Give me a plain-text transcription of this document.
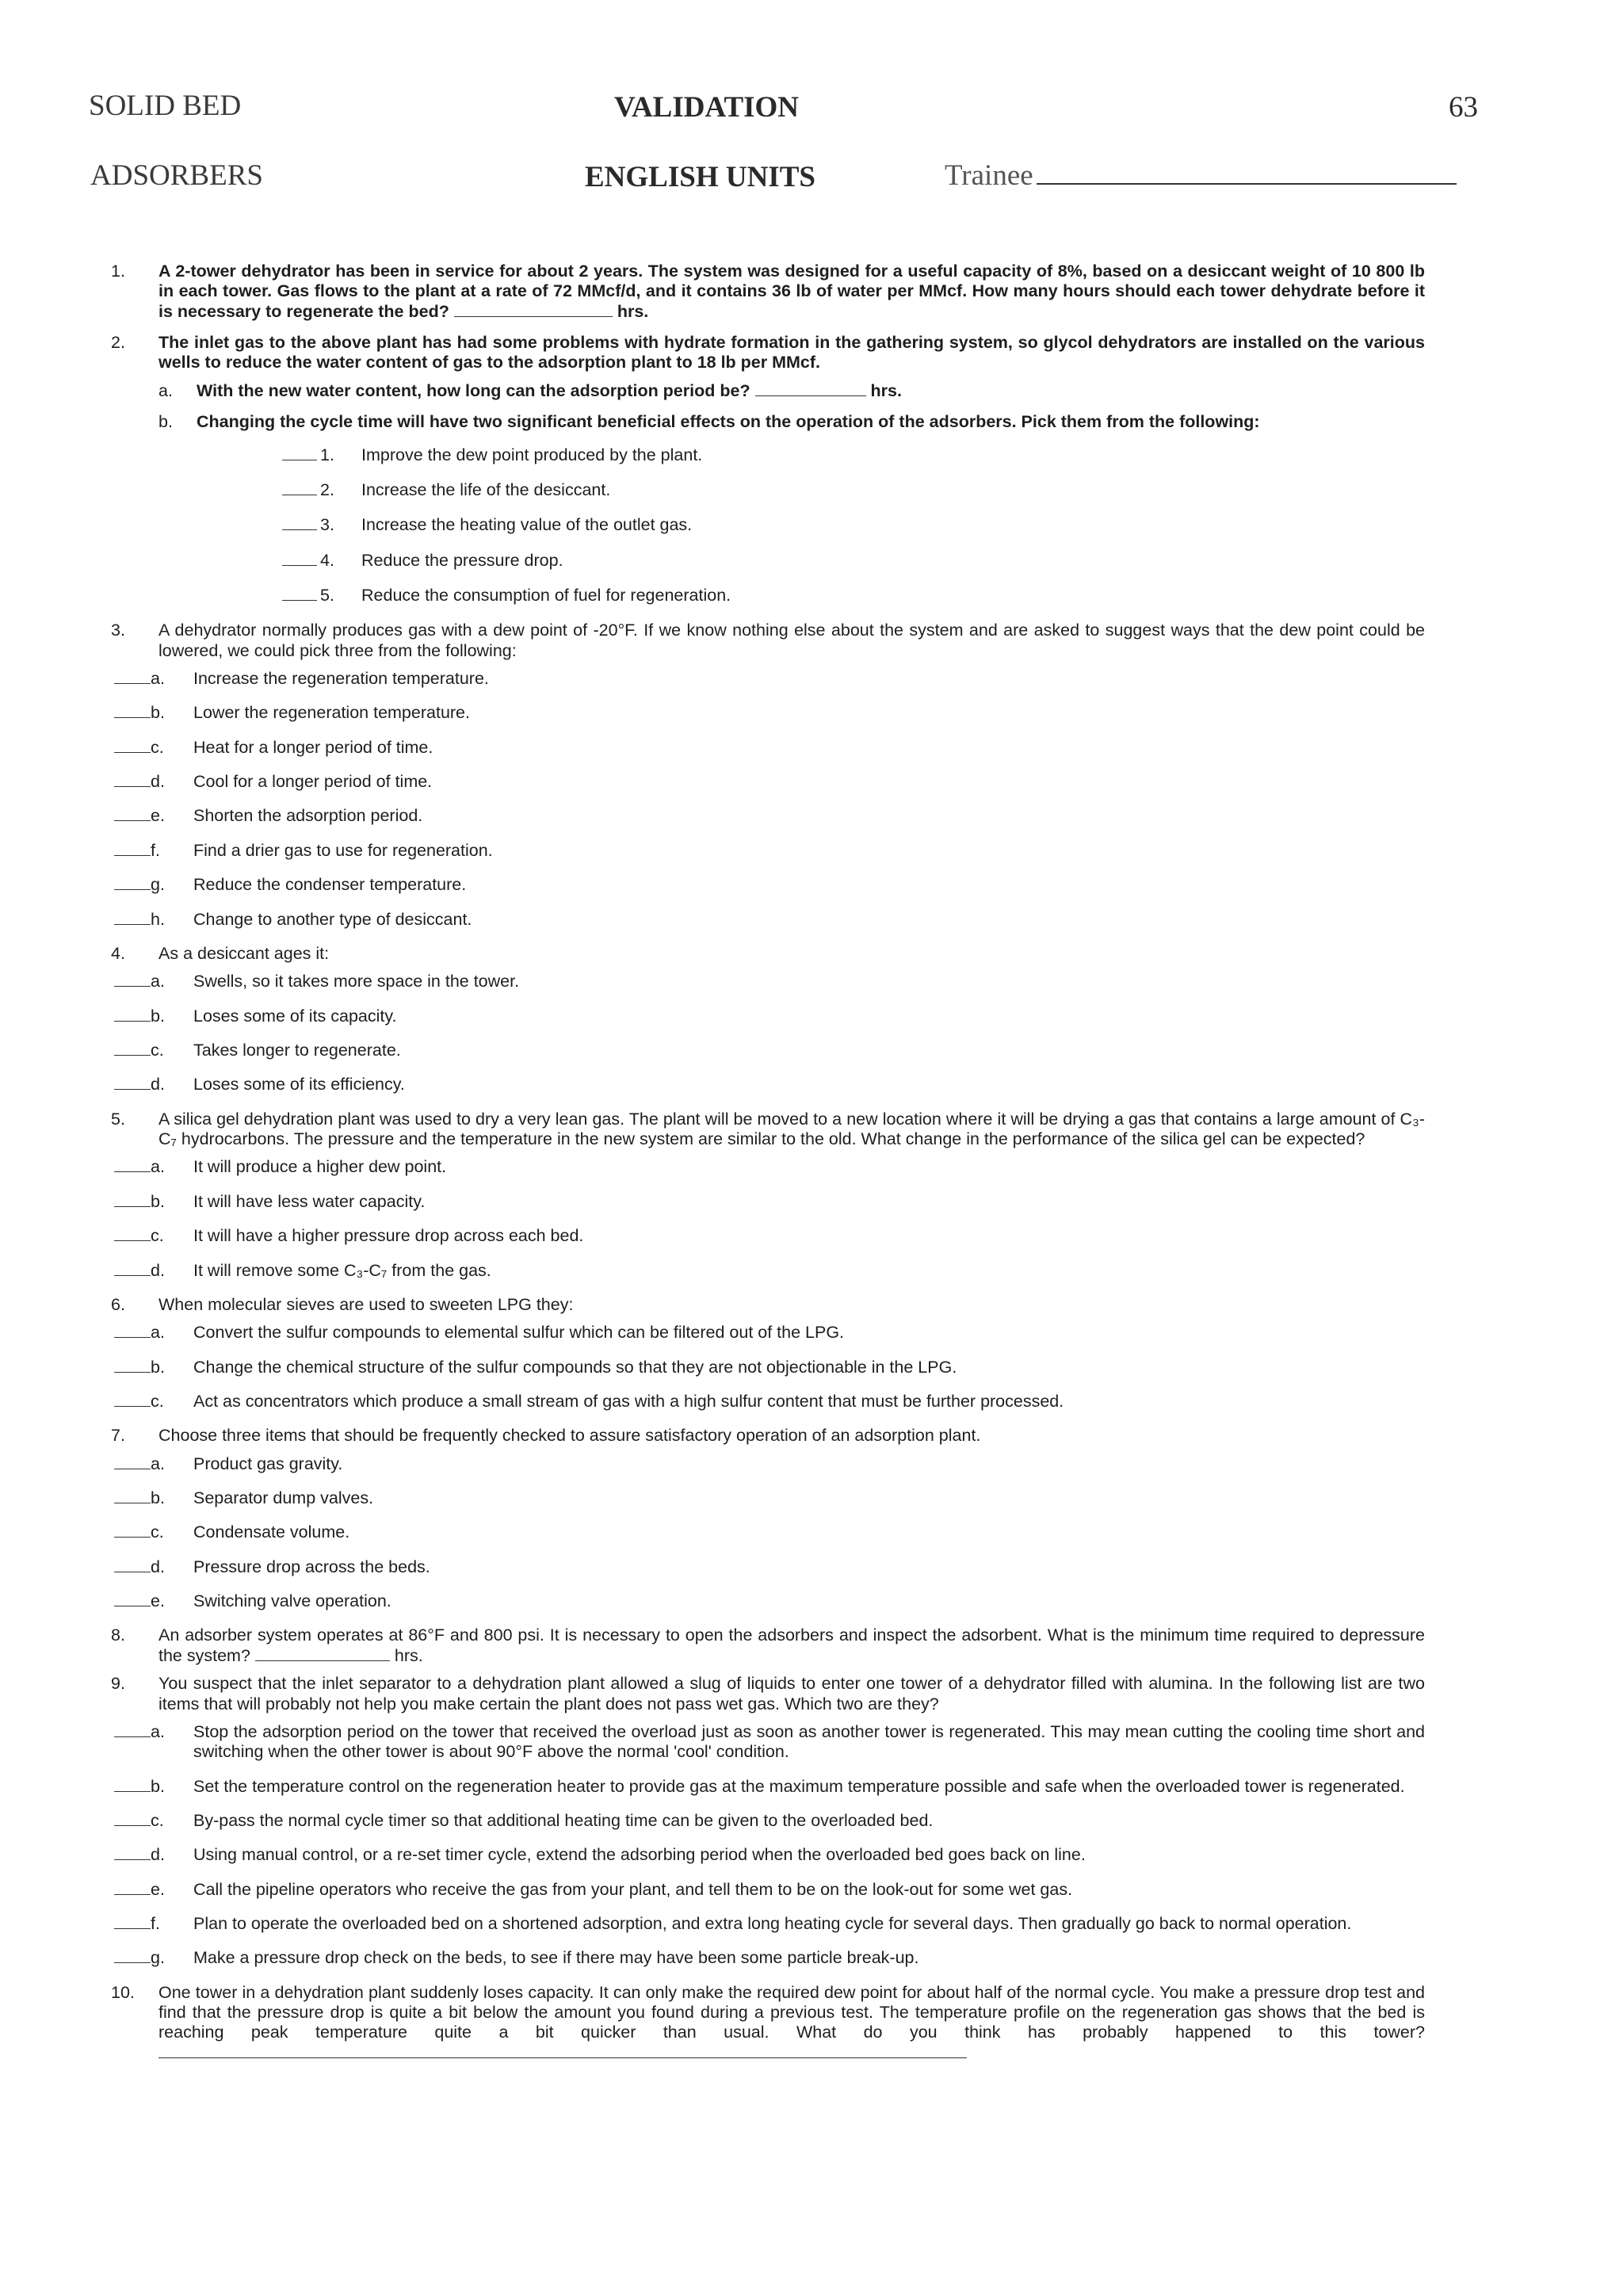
SOLID BED
ADSORBERS
VALIDATION
ENGLISH UNITS	Trainee
63
1.	A 2-tower dehydrator has been in service for about 2 years. The system was designed for a useful capacity of 8%, based on a desiccant weight of 10 800 lb in each tower. Gas flows to the plant at a rate of 72 MMcf/d, and it contains 36 lb of water per MMcf. How many hours should each tower dehydrate before it is necessary to regenerate the bed?	hrs.
2.	The inlet gas to the above plant has had some problems with hydrate formation in the gathering system, so glycol dehydrators are installed on the various wells to reduce the water content of gas to the adsorption plant to 18 lb per MMcf.
a.	With the new water content, how long can the adsorption period be?	hrs.
b.	Changing the cycle time will have two significant beneficial effects on the operation of the adsorbers. Pick them from the following:
1.	Improve the dew point produced by the plant.
2.	Increase the life of the desiccant.
3.	Increase the heating value of the outlet gas.
4.	Reduce the pressure drop.
5.	Reduce the consumption of fuel for regeneration.
3.	A dehydrator normally produces gas with a dew point of -20°F. If we know nothing else about the system and are asked to suggest ways that the dew point could be lowered, we could pick three from the following:
a.	Increase the regeneration temperature.
b.	Lower the regeneration temperature.
c.	Heat for a longer period of time.
d.	Cool for a longer period of time.
e.	Shorten the adsorption period.
f.	Find a drier gas to use for regeneration.
g.	Reduce the condenser temperature.
h.	Change to another type of desiccant.
4.	As a desiccant ages it:
a.	Swells, so it takes more space in the tower.
b.	Loses some of its capacity.
c.	Takes longer to regenerate.
d.	Loses some of its efficiency.
5.	A silica gel dehydration plant was used to dry a very lean gas. The plant will be moved to a new location where it will be drying a gas that contains a large amount of C₃-C₇ hydrocarbons. The pressure and the temperature in the new system are similar to the old. What change in the performance of the silica gel can be expected?
a.	It will produce a higher dew point.
b.	It will have less water capacity.
c.	It will have a higher pressure drop across each bed.
d.	It will remove some C₃-C₇ from the gas.
6.	When molecular sieves are used to sweeten LPG they:
a.	Convert the sulfur compounds to elemental sulfur which can be filtered out of the LPG.
b.	Change the chemical structure of the sulfur compounds so that they are not objectionable in the LPG.
c.	Act as concentrators which produce a small stream of gas with a high sulfur content that must be further processed.
7.	Choose three items that should be frequently checked to assure satisfactory operation of an adsorption plant.
a.	Product gas gravity.
b.	Separator dump valves.
c.	Condensate volume.
d.	Pressure drop across the beds.
e.	Switching valve operation.
8.	An adsorber system operates at 86°F and 800 psi. It is necessary to open the adsorbers and inspect the adsorbent. What is the minimum time required to depressure the system?	hrs.
9.	You suspect that the inlet separator to a dehydration plant allowed a slug of liquids to enter one tower of a dehydrator filled with alumina. In the following list are two items that will probably not help you make certain the plant does not pass wet gas. Which two are they?
a.	Stop the adsorption period on the tower that received the overload just as soon as another tower is regenerated. This may mean cutting the cooling time short and switching when the other tower is about 90°F above the normal 'cool' condition.
b.	Set the temperature control on the regeneration heater to provide gas at the maximum temperature possible and safe when the overloaded tower is regenerated.
c.	By-pass the normal cycle timer so that additional heating time can be given to the overloaded bed.
d.	Using manual control, or a re-set timer cycle, extend the adsorbing period when the overloaded bed goes back on line.
e.	Call the pipeline operators who receive the gas from your plant, and tell them to be on the look-out for some wet gas.
f.	Plan to operate the overloaded bed on a shortened adsorption, and extra long heating cycle for several days. Then gradually go back to normal operation.
g.	Make a pressure drop check on the beds, to see if there may have been some particle break-up.
10.	One tower in a dehydration plant suddenly loses capacity. It can only make the required dew point for about half of the normal cycle. You make a pressure drop test and find that the pressure drop is quite a bit below the amount you found during a previous test. The temperature profile on the regeneration gas shows that the bed is reaching peak temperature quite a bit quicker than usual. What do you think has probably happened to this tower?
